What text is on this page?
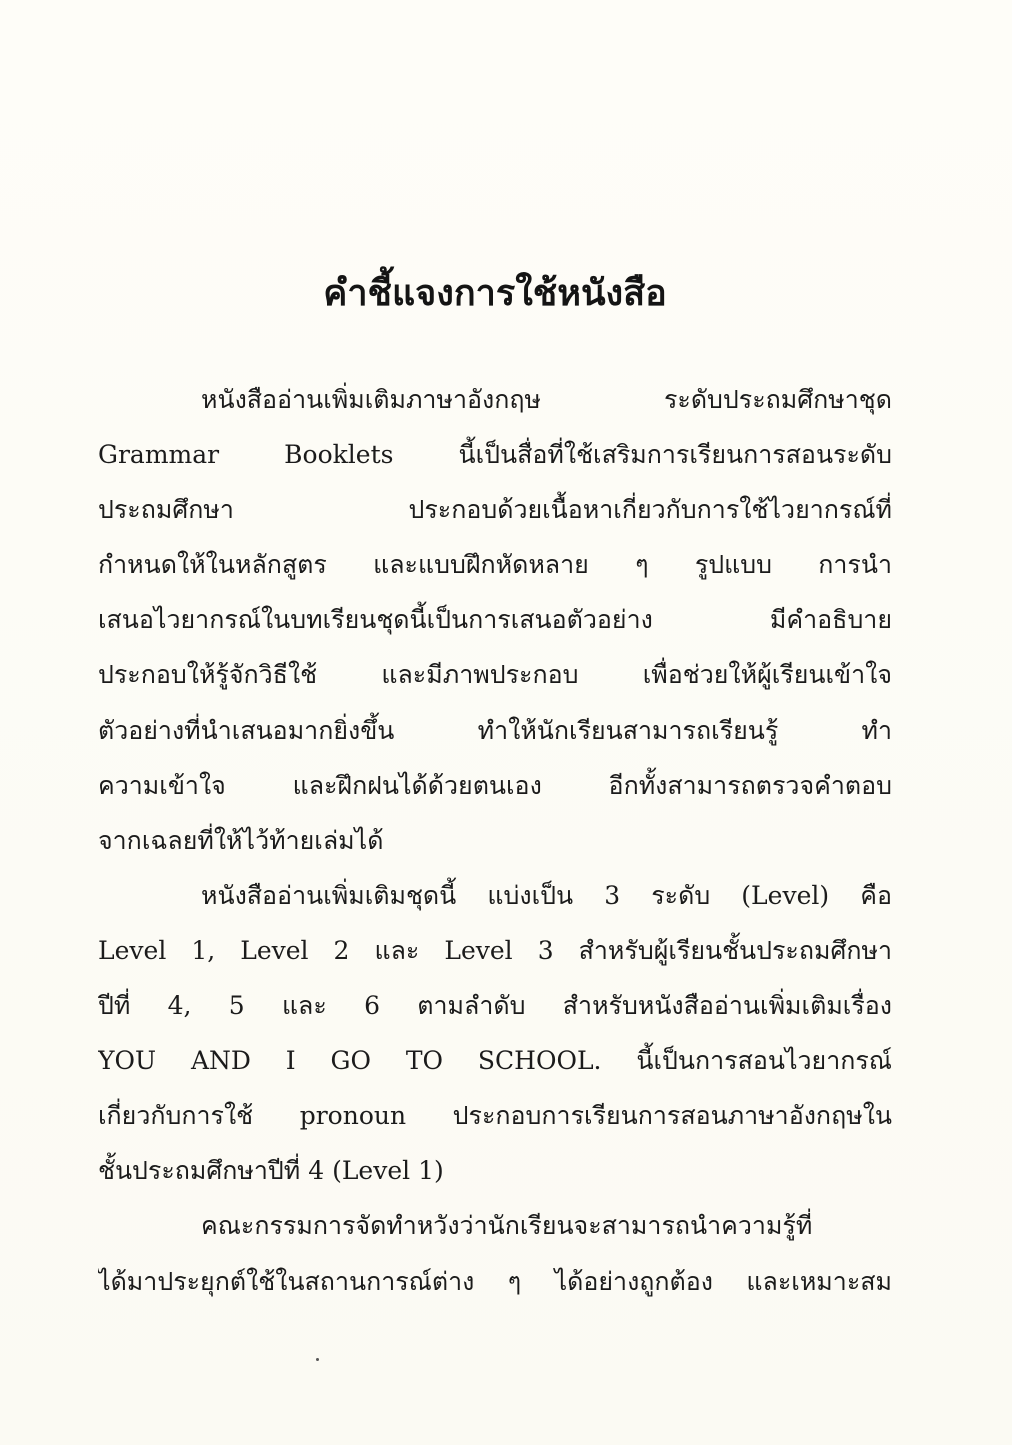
คำชี้แจงการใช้หนังสือ
หนังสืออ่านเพิ่มเติมภาษาอังกฤษ ระดับประถมศึกษาชุด
Grammar Booklets นี้เป็นสื่อที่ใช้เสริมการเรียนการสอนระดับ
ประถมศึกษา ประกอบด้วยเนื้อหาเกี่ยวกับการใช้ไวยากรณ์ที่
กำหนดให้ในหลักสูตร และแบบฝึกหัดหลาย ๆ รูปแบบ การนำ
เสนอไวยากรณ์ในบทเรียนชุดนี้เป็นการเสนอตัวอย่าง มีคำอธิบาย
ประกอบให้รู้จักวิธีใช้ และมีภาพประกอบ เพื่อช่วยให้ผู้เรียนเข้าใจ
ตัวอย่างที่นำเสนอมากยิ่งขึ้น ทำให้นักเรียนสามารถเรียนรู้ ทำ
ความเข้าใจ และฝึกฝนได้ด้วยตนเอง อีกทั้งสามารถตรวจคำตอบ
จากเฉลยที่ให้ไว้ท้ายเล่มได้
หนังสืออ่านเพิ่มเติมชุดนี้ แบ่งเป็น 3 ระดับ (Level) คือ
Level 1, Level 2 และ Level 3 สำหรับผู้เรียนชั้นประถมศึกษา
ปีที่ 4, 5 และ 6 ตามลำดับ สำหรับหนังสืออ่านเพิ่มเติมเรื่อง
YOU AND I GO TO SCHOOL. นี้เป็นการสอนไวยากรณ์
เกี่ยวกับการใช้ pronoun ประกอบการเรียนการสอนภาษาอังกฤษใน
ชั้นประถมศึกษาปีที่ 4 (Level 1)
คณะกรรมการจัดทำหวังว่านักเรียนจะสามารถนำความรู้ที่
ได้มาประยุกต์ใช้ในสถานการณ์ต่าง ๆ ได้อย่างถูกต้อง และเหมาะสม
